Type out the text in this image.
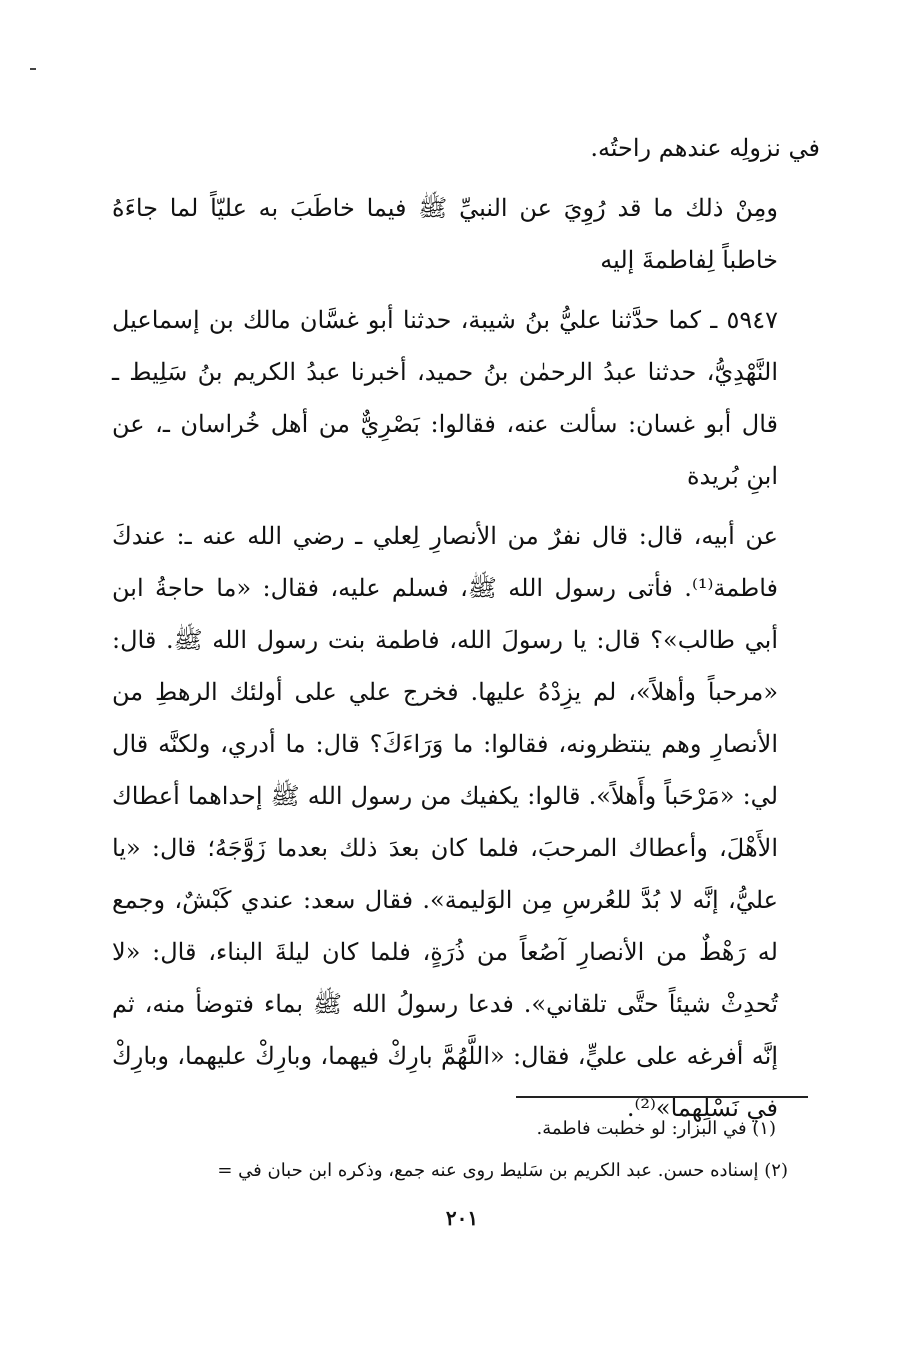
في نزولِه عندهم راحتُه.

ومِنْ ذلك ما قد رُوِيَ عن النبيِّ ﷺ فيما خاطَبَ به عليّاً لما جاءَهُ خاطباً لِفاطمةَ إليه

٥٩٤٧ ـ كما حدَّثنا عليُّ بنُ شيبة، حدثنا أبو غسَّان مالك بن إسماعيل النَّهْدِيُّ، حدثنا عبدُ الرحمٰن بنُ حميد، أخبرنا عبدُ الكريم بنُ سَلِيط ـ قال أبو غسان: سألت عنه، فقالوا: بَصْرِيٌّ من أهل خُراسان ـ، عن ابنِ بُريدة

عن أبيه، قال: قال نفرٌ من الأنصارِ لِعلي ـ رضي الله عنه ـ: عندكَ فاطمة⁽¹⁾. فأتى رسول الله ﷺ، فسلم عليه، فقال: «ما حاجةُ ابن أبي طالب»؟ قال: يا رسولَ الله، فاطمة بنت رسول الله ﷺ. قال: «مرحباً وأهلاً»، لم يزِدْهُ عليها. فخرج علي على أولئك الرهطِ من الأنصارِ وهم ينتظرونه، فقالوا: ما وَرَاءَكَ؟ قال: ما أدري، ولكنَّه قال لي: «مَرْحَباً وأَهلاً». قالوا: يكفيك من رسول الله ﷺ إحداهما أعطاك الأَهْلَ، وأعطاك المرحبَ، فلما كان بعدَ ذلك بعدما زَوَّجَهُ؛ قال: «يا عليُّ، إنَّه لا بُدَّ للعُرسِ مِن الوَليمة». فقال سعد: عندي كَبْشٌ، وجمع له رَهْطٌ من الأنصارِ آصُعاً من ذُرَةٍ، فلما كان ليلةَ البناء، قال: «لا تُحدِثْ شيئاً حتَّى تلقاني». فدعا رسولُ الله ﷺ بماء فتوضأ منه، ثم إنَّه أفرغه على عليٍّ، فقال: «اللَّهُمَّ بارِكْ فيهما، وبارِكْ عليهما، وبارِكْ في نَسْلِهما»⁽²⁾.

(١) في البزار: لو خطبت فاطمة.
(٢) إسناده حسن. عبد الكريم بن سَليط روى عنه جمع، وذكره ابن حبان في =
٢٠١
